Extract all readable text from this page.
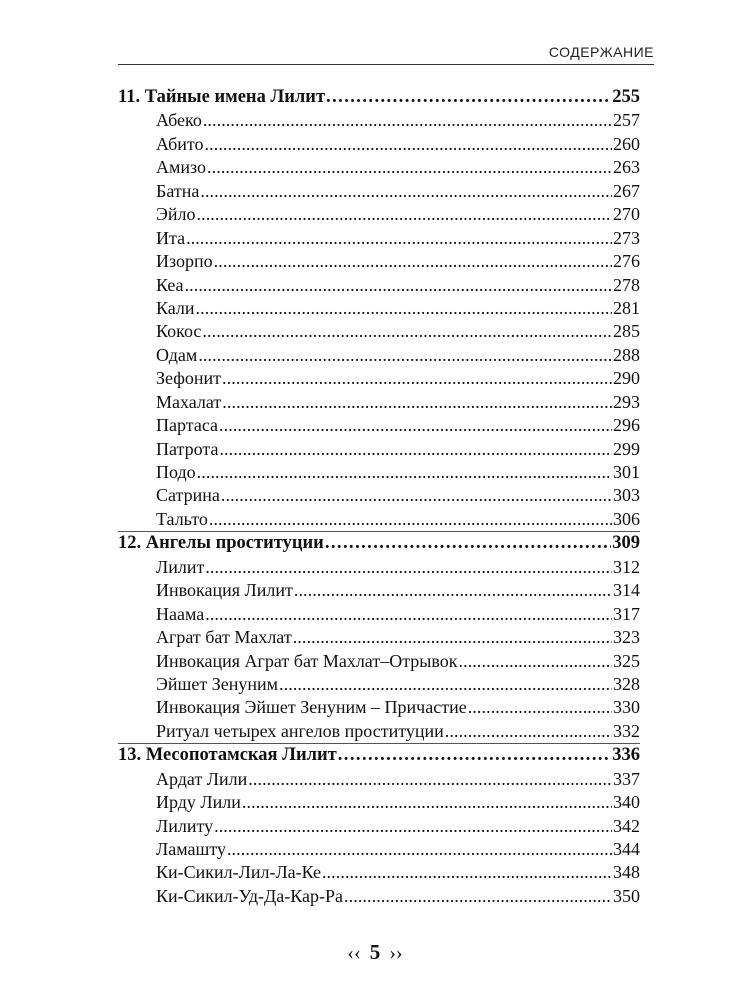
СОДЕРЖАНИЕ
11. Тайные имена Лилит . . .	255
Абеко . . .	257
Абито . . .	260
Амизо . . .	263
Батна . . .	267
Эйло . . .	270
Ита . . .	273
Изорпо . . .	276
Кеа . . .	278
Кали . . .	281
Кокос . . .	285
Одам . . .	288
Зефонит . . .	290
Махалат . . .	293
Партаса . . .	296
Патрота . . .	299
Подо . . .	301
Сатрина . . .	303
Тальто . . .	306
12. Ангелы проституции . . .	309
Лилит . . .	312
Инвокация Лилит . . .	314
Наама . . .	317
Аграт бат Махлат . . .	323
Инвокация Аграт бат Махлат–Отрывок . . .	325
Эйшет Зенуним . . .	328
Инвокация Эйшет Зенуним – Причастие . . .	330
Ритуал четырех ангелов проституции . . .	332
13. Месопотамская Лилит . . .	336
Ардат Лили . . .	337
Ирду Лили . . .	340
Лилиту . . .	342
Ламашту . . .	344
Ки-Сикил-Лил-Ла-Ке . . .	348
Ки-Сикил-Уд-Да-Кар-Ра . . .	350
‹‹ 5 ››
